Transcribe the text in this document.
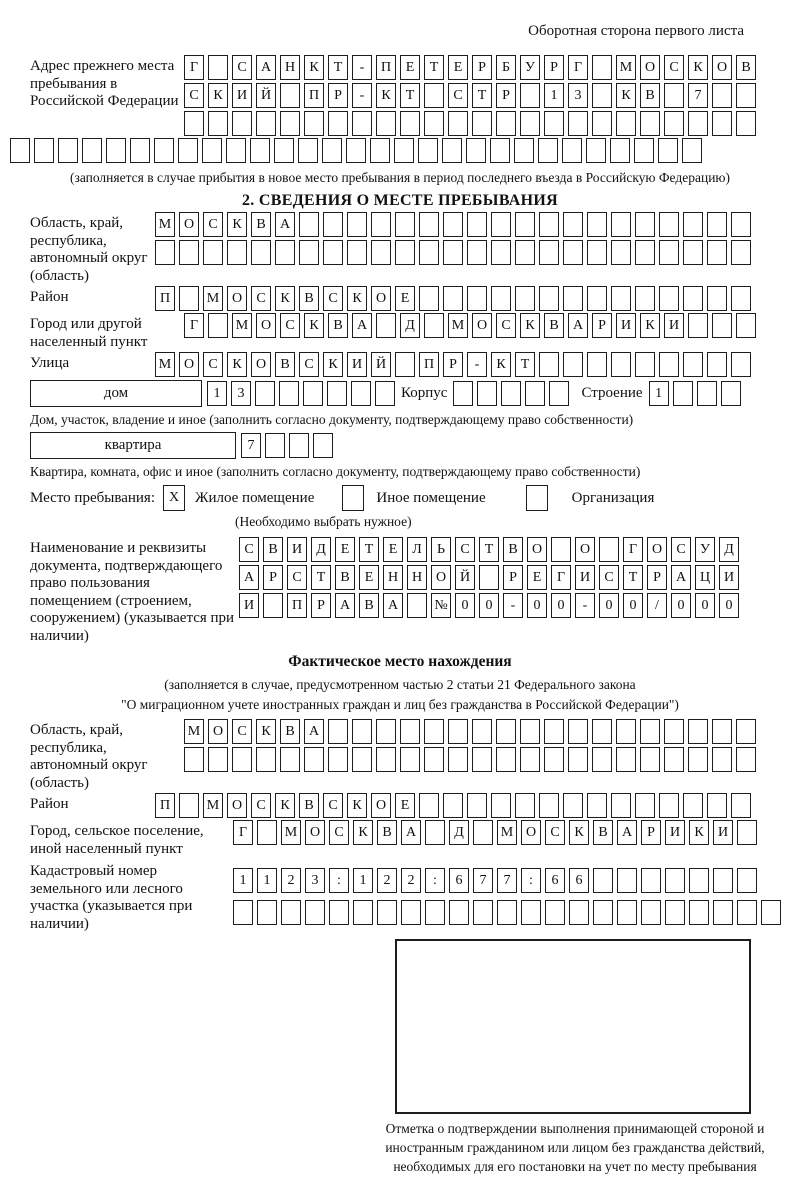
Оборотная сторона первого листа
Адрес прежнего места пребывания в Российской Федерации
Г	С	А Н	К	Т	-	П	Е	Т	Е	Р	Б	У	Р	Г	М О	С	К	О	В
С	К	И Й	П	Р	-	К	Т	С	Т	Р	1	3	К	В	7
(заполняется в случае прибытия в новое место пребывания в период последнего въезда в Российскую Федерацию)
2. СВЕДЕНИЯ О МЕСТЕ ПРЕБЫВАНИЯ
Область, край, республика, автономный округ (область)
М О	С	К	В	А
Район	П	М О	С	К	В	С	К	О	Е
Город или другой населенный пункт
Г	М О	С	К	В	А	Д	М О	С	К	В	А	Р	И	К	И
Улица	М О	С	К	О	В	С	К	И Й	П	Р	-	К	Т
дом	1	3	Корпус	Строение 1
Дом, участок, владение и иное (заполнить согласно документу, подтверждающему право собственности)
квартира	7
Квартира, комната, офис и иное (заполнить согласно документу, подтверждающему право собственности)
Место пребывания: X	Жилое помещение	Иное помещение	Организация
(Необходимо выбрать нужное)
Наименование и реквизиты документа, подтверждающего право пользования помещением (строением, сооружением) (указывается при наличии)
С	В	И	Д	Е	Т	Е	Л	Ь	С	Т	В	О	О	Г	О	С	У	Д
А	Р	С	Т	В	Е	Н Н О Й	Р	Е	Г	И	С	Т	Р	А Ц И
И	П	Р	А	В	А	№ 0	0	-	0	0	-	0	0	/	0	0	0
Фактическое место нахождения
(заполняется в случае, предусмотренном частью 2 статьи 21 Федерального закона
"О миграционном учете иностранных граждан и лиц без гражданства в Российской Федерации")
Область, край, республика, автономный округ (область)
М О	С	К	В	А
Район	П	М О	С	К	В	С	К	О	Е
Город, сельское поселение, иной населенный пункт
Г	М О	С	К	В	А	Д	М О	С	К	В	А	Р	И	К	И
Кадастровый номер земельного или лесного участка (указывается при наличии)
1	1	2	3	:	1	2	2	:	6	7	7	:	6	6
Отметка о подтверждении выполнения принимающей стороной и иностранным гражданином или лицом без гражданства действий, необходимых для его постановки на учет по месту пребывания
